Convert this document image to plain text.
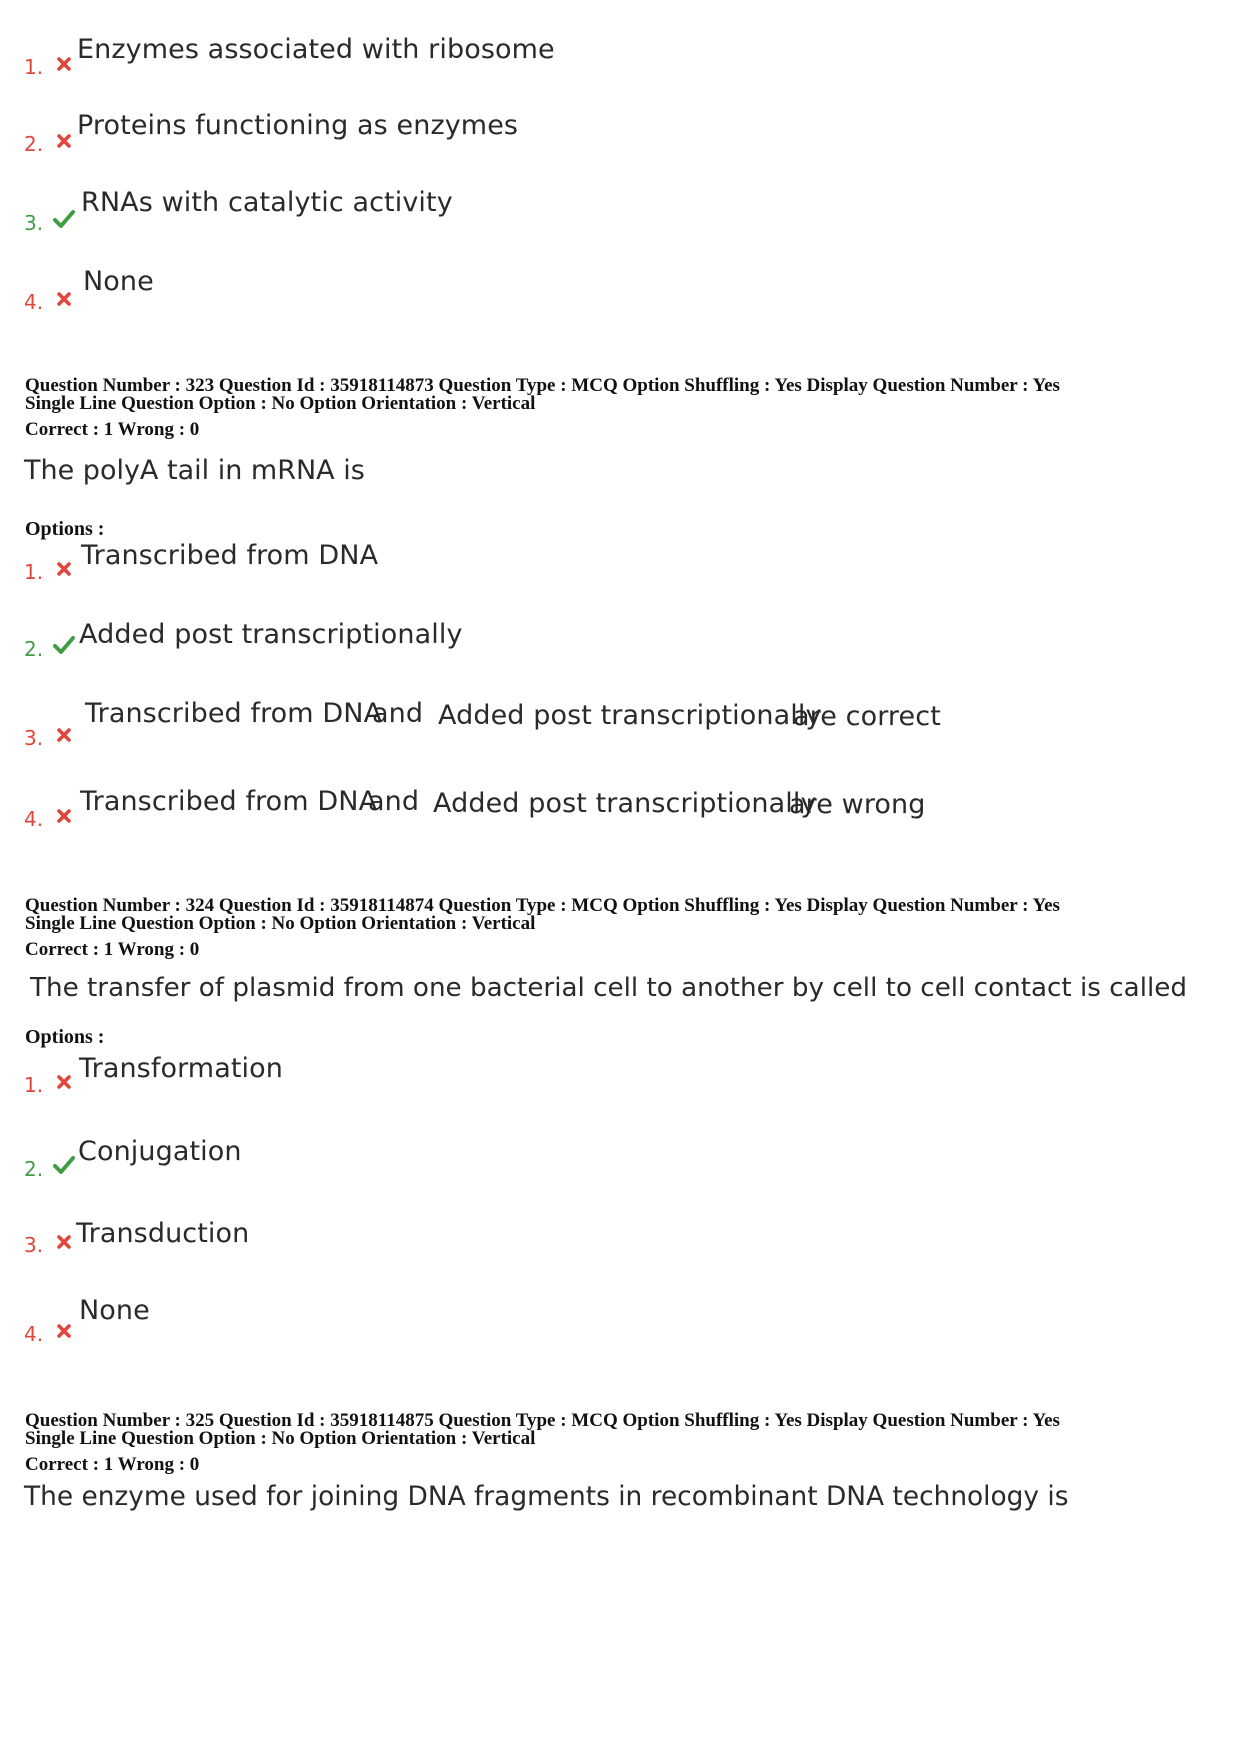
1.
Enzymes associated with ribosome
2.
Proteins functioning as enzymes
3.
RNAs with catalytic activity
4.
None
Question Number : 323 Question Id : 35918114873 Question Type : MCQ Option Shuffling : Yes Display Question Number : Yes
Single Line Question Option : No Option Orientation : Vertical
Correct : 1 Wrong : 0
The polyA tail in mRNA is
Options :
1.
Transcribed from DNA
2. Added post transcriptionally
3.
Transcribed from DNA
and Added post transcriptionally
are correct
4.
Transcribed from DNA
and Added post transcriptionally
are wrong
Question Number : 324 Question Id : 35918114874 Question Type : MCQ Option Shuffling : Yes Display Question Number : Yes
Single Line Question Option : No Option Orientation : Vertical
Correct : 1 Wrong : 0
The transfer of plasmid from one bacterial cell to another by cell to cell contact is called
Options :
1.
Transformation
2.
Conjugation
3. Transduction
4.
None
Question Number : 325 Question Id : 35918114875 Question Type : MCQ Option Shuffling : Yes Display Question Number : Yes
Single Line Question Option : No Option Orientation : Vertical
Correct : 1 Wrong : 0
The enzyme used for joining DNA fragments in recombinant DNA technology is
